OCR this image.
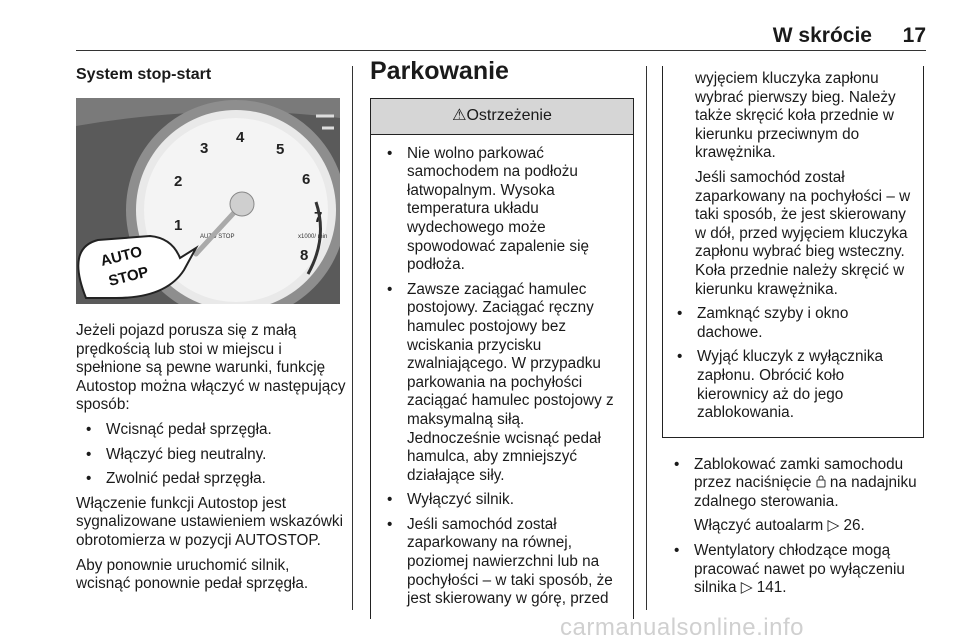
W skrócie 17
System stop-start
1
2
3
4
5
6
7
8
x1000/ min
AUTO STOP
AUTO
STOP

Jeżeli pojazd porusza się z małą prędkością lub stoi w miejscu i spełnione są pewne warunki, funkcję Autostop można włączyć w następujący sposób:

• Wcisnąć pedał sprzęgła.
• Włączyć bieg neutralny.
• Zwolnić pedał sprzęgła.

Włączenie funkcji Autostop jest sygnalizowane ustawieniem wskazówki obrotomierza w pozycji AUTOSTOP.

Aby ponownie uruchomić silnik, wcisnąć ponownie pedał sprzęgła.

Parkowanie
⚠Ostrzeżenie
• Nie wolno parkować samochodem na podłożu łatwopalnym. Wysoka temperatura układu wydechowego może spowodować zapalenie się podłoża.
• Zawsze zaciągać hamulec postojowy. Zaciągać ręczny hamulec postojowy bez wciskania przycisku zwalniającego. W przypadku parkowania na pochyłości zaciągać hamulec postojowy z maksymalną siłą.
Jednocześnie wcisnąć pedał hamulca, aby zmniejszyć działające siły.
• Wyłączyć silnik.
• Jeśli samochód został zaparkowany na równej, poziomej nawierzchni lub na pochyłości – w taki sposób, że jest skierowany w górę, przed

wyjęciem kluczyka zapłonu wybrać pierwszy bieg. Należy także skręcić koła przednie w kierunku przeciwnym do krawężnika.

Jeśli samochód został zaparkowany na pochyłości – w taki sposób, że jest skierowany w dół, przed wyjęciem kluczyka zapłonu wybrać bieg wsteczny. Koła przednie należy skręcić w kierunku krawężnika.

• Zamknąć szyby i okno dachowe.
• Wyjąć kluczyk z wyłącznika zapłonu. Obrócić koło kierownicy aż do jego zablokowania.
• Zablokować zamki samochodu przez naciśnięcie na nadajniku zdalnego sterowania.
Włączyć autoalarm ▷ 26.
• Wentylatory chłodzące mogą pracować nawet po wyłączeniu silnika ▷ 141.
carmanualsonline.info
